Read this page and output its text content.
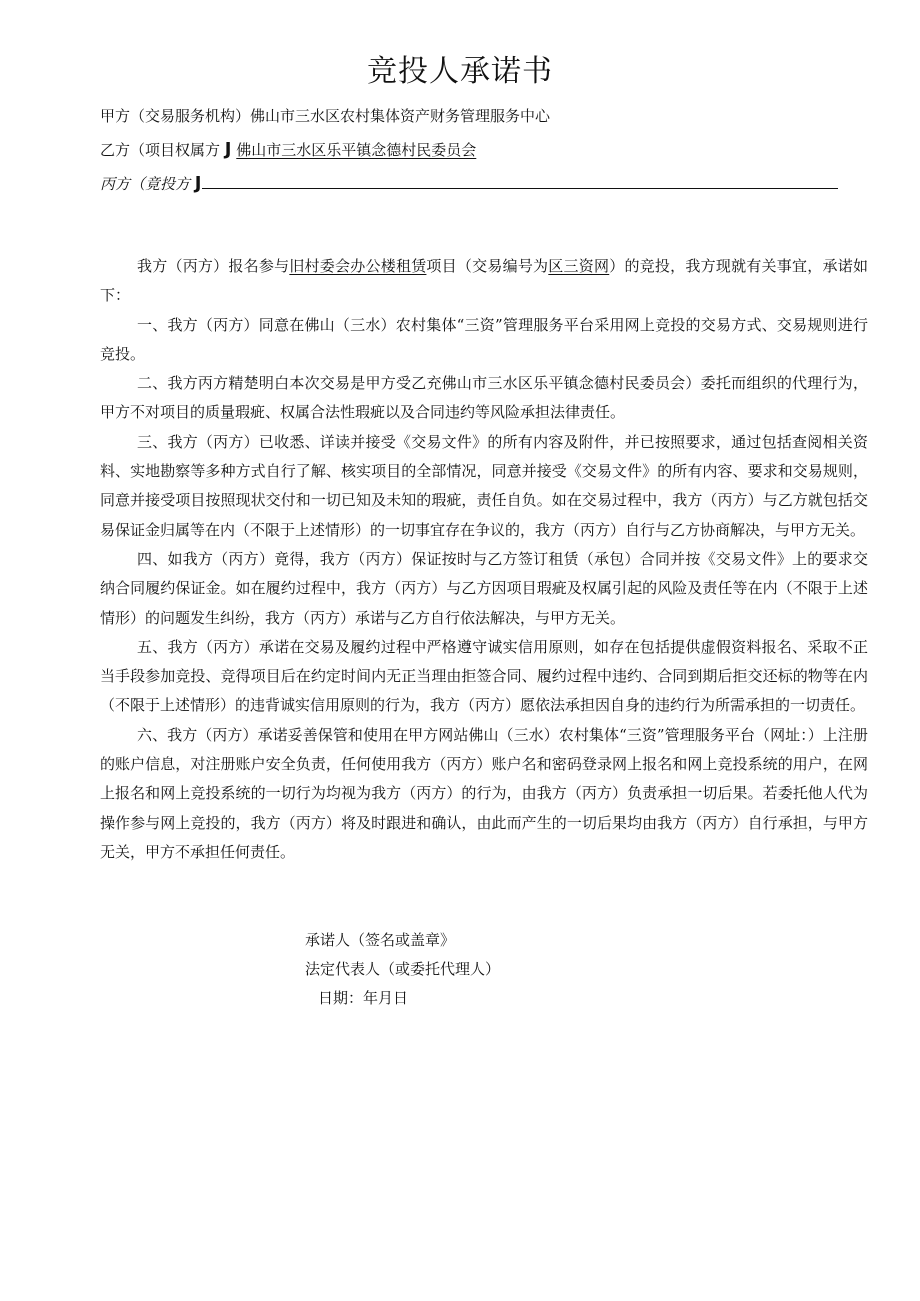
竞投人承诺书
甲方（交易服务机构）佛山市三水区农村集体资产财务管理服务中心
乙方（项目权属方 J 佛山市三水区乐平镇念德村民委员会
丙方（竟投方 J

我方（丙方）报名参与旧村委会办公楼租赁项目（交易编号为区三资网）的竞投，我方现就有关事宜，承诺如下：

一、我方（丙方）同意在佛山（三水）农村集体“三资”管理服务平台采用网上竞投的交易方式、交易规则进行竞投。

二、我方丙方精楚明白本次交易是甲方受乙充佛山市三水区乐平镇念德村民委员会）委托而组织的代理行为，甲方不对项目的质量瑕疵、权属合法性瑕疵以及合同违约等风险承担法律责任。

三、我方（丙方）已收悉、详读并接受《交易文件》的所有内容及附件，并已按照要求，通过包括查阅相关资料、实地勘察等多种方式自行了解、核实项目的全部情况，同意并接受《交易文件》的所有内容、要求和交易规则，同意并接受项目按照现状交付和一切已知及未知的瑕疵，责任自负。如在交易过程中，我方（丙方）与乙方就包括交易保证金归属等在内（不限于上述情形）的一切事宜存在争议的，我方（丙方）自行与乙方协商解决，与甲方无关。

四、如我方（丙方）竟得，我方（丙方）保证按时与乙方签订租赁（承包）合同并按《交易文件》上的要求交纳合同履约保证金。如在履约过程中，我方（丙方）与乙方因项目瑕疵及权属引起的风险及责任等在内（不限于上述情形）的问题发生纠纷，我方（丙方）承诺与乙方自行依法解决，与甲方无关。

五、我方（丙方）承诺在交易及履约过程中严格遵守诚实信用原则，如存在包括提供虚假资料报名、采取不正当手段参加竞投、竞得项目后在约定时间内无正当理由拒签合同、履约过程中违约、合同到期后拒交还标的物等在内（不限于上述情形）的违背诚实信用原则的行为，我方（丙方）愿依法承担因自身的违约行为所需承担的一切责任。

六、我方（丙方）承诺妥善保管和使用在甲方网站佛山（三水）农村集体“三资”管理服务平台（网址：）上注册的账户信息，对注册账户安全负责，任何使用我方（丙方）账户名和密码登录网上报名和网上竞投系统的用户，在网上报名和网上竞投系统的一切行为均视为我方（丙方）的行为，由我方（丙方）负责承担一切后果。若委托他人代为操作参与网上竞投的，我方（丙方）将及时跟进和确认，由此而产生的一切后果均由我方（丙方）自行承担，与甲方无关，甲方不承担任何责任。

承诺人（签名或盖章》
法定代表人（或委托代理人）
日期：年月日
